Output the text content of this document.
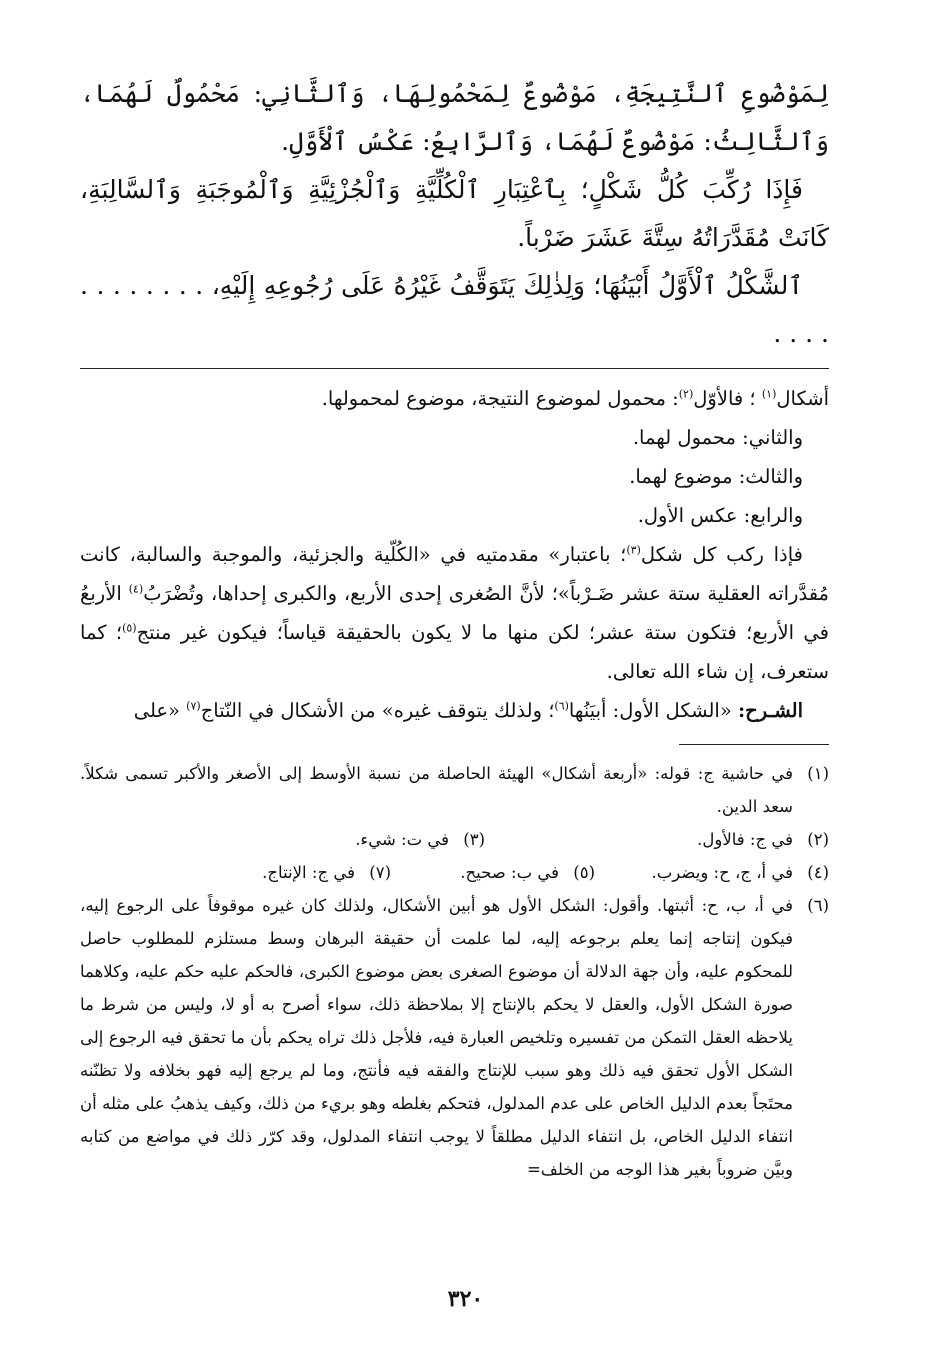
لِمَوْضُوعِ ٱلنَّتِيجَةِ، مَوْضُوعٌ لِمَحْمُولِهَا، وَٱلثَّانِي: مَحْمُولٌ لَهُمَا، وَٱلثَّالِثُ: مَوْضُوعٌ لَهُمَا، وَٱلرَّابِعُ: عَكْسُ ٱلْأَوَّلِ.

فَإِذَا رُكِّبَ كُلُّ شَكْلٍ؛ بِٱعْتِبَارِ ٱلْكُلِّيَّةِ وَٱلْجُزْئِيَّةِ وَٱلْمُوجَبَةِ وَٱلسَّالِبَةِ، كَانَتْ مُقَدَّرَاتُهُ سِتَّةَ عَشَرَ ضَرْباً.

ٱلشَّكْلُ ٱلْأَوَّلُ أَبْيَنُهَا؛ وَلِذٰلِكَ يَتَوَقَّفُ غَيْرُهُ عَلَى رُجُوعِهِ إِلَيْهِ، . . . . . . . . . . . .

أشكال$^{(١)}$ ؛ فالأوّل$^{(٢)}$: محمول لموضوع النتيجة، موضوع لمحمولها.

والثاني: محمول لهما.

والثالث: موضوع لهما.

والرابع: عكس الأول.

فإذا ركب كل شكل$^{(٣)}$؛ باعتبار» مقدمتيه في «الكُلّية والجزئية، والموجبة والسالبة، كانت مُقدَّراته العقلية ستة عشر ضَـرْباً»؛ لأنَّ الصُغرى إحدى الأربع، والكبرى إحداها، وتُضْرَبُ$^{(٤)}$ الأربعُ في الأربع؛ فتكون ستة عشر؛ لكن منها ما لا يكون بالحقيقة قياساً؛ فيكون غير منتج$^{(٥)}$؛ كما ستعرف، إن شاء الله تعالى.

الشـرح: «الشكل الأول: أبيَنُها$^{(٦)}$؛ ولذلك يتوقف غيره» من الأشكال في النّتاج$^{(٧)}$ «على

(١)
في حاشية ج: قوله: «أربعة أشكال» الهيئة الحاصلة من نسبة الأوسط إلى الأصغر والأكبر تسمى شكلاً. سعد الدين.
(٢)
في ج: فالأول.
(٣)
في ت: شيء.
(٤)
في أ، ج، ح: ويضرب.
(٥)
في ب: صحيح.
(٧)
في ج: الإنتاج.
(٦)
في أ، ب، ح: أثبتها. وأقول: الشكل الأول هو أبين الأشكال، ولذلك كان غيره موقوفاً على الرجوع إليه، فيكون إنتاجه إنما يعلم برجوعه إليه، لما علمت أن حقيقة البرهان وسط مستلزم للمطلوب حاصل للمحكوم عليه، وأن جهة الدلالة أن موضوع الصغرى بعض موضوع الكبرى، فالحكم عليه حكم عليه، وكلاهما صورة الشكل الأول، والعقل لا يحكم بالإنتاج إلا بملاحظة ذلك، سواء أصرح به أو لا، وليس من شرط ما يلاحظه العقل التمكن من تفسيره وتلخيص العبارة فيه، فلأجل ذلك تراه يحكم بأن ما تحقق فيه الرجوع إلى الشكل الأول تحقق فيه ذلك وهو سبب للإنتاج والفقه فيه فأنتج، وما لم يرجع إليه فهو بخلافه ولا تظنّنه محتَجاً بعدم الدليل الخاص على عدم المدلول، فتحكم بغلطه وهو بريء من ذلك، وكيف يذهبُ على مثله أن انتفاء الدليل الخاص، بل انتفاء الدليل مطلقاً لا يوجب انتفاء المدلول، وقد كرّر ذلك في مواضع من كتابه وبيَّن ضروباً بغير هذا الوجه من الخلف=
٣٢٠
